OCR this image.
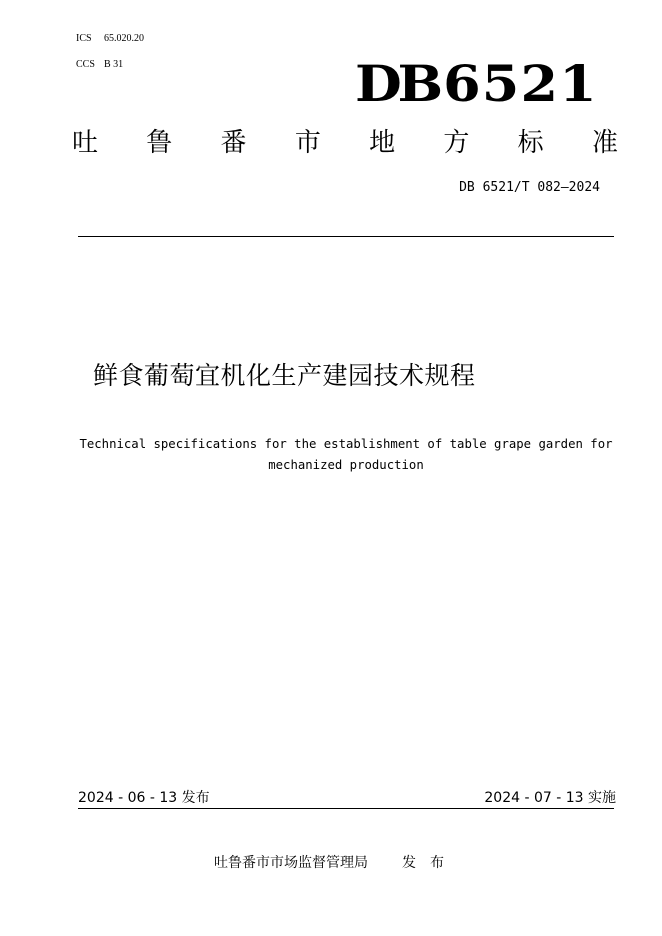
ICS 65.020.20
CCS B 31	DB6521
吐 鲁 番 市 地 方 标 准
DB 6521/T 082—2024
鲜食葡萄宜机化生产建园技术规程
Technical specifications for the establishment of table grape garden for
mechanized production
2024 - 06 - 13 发布	2024 - 07 - 13 实施
吐鲁番市市场监督管理局 发布
